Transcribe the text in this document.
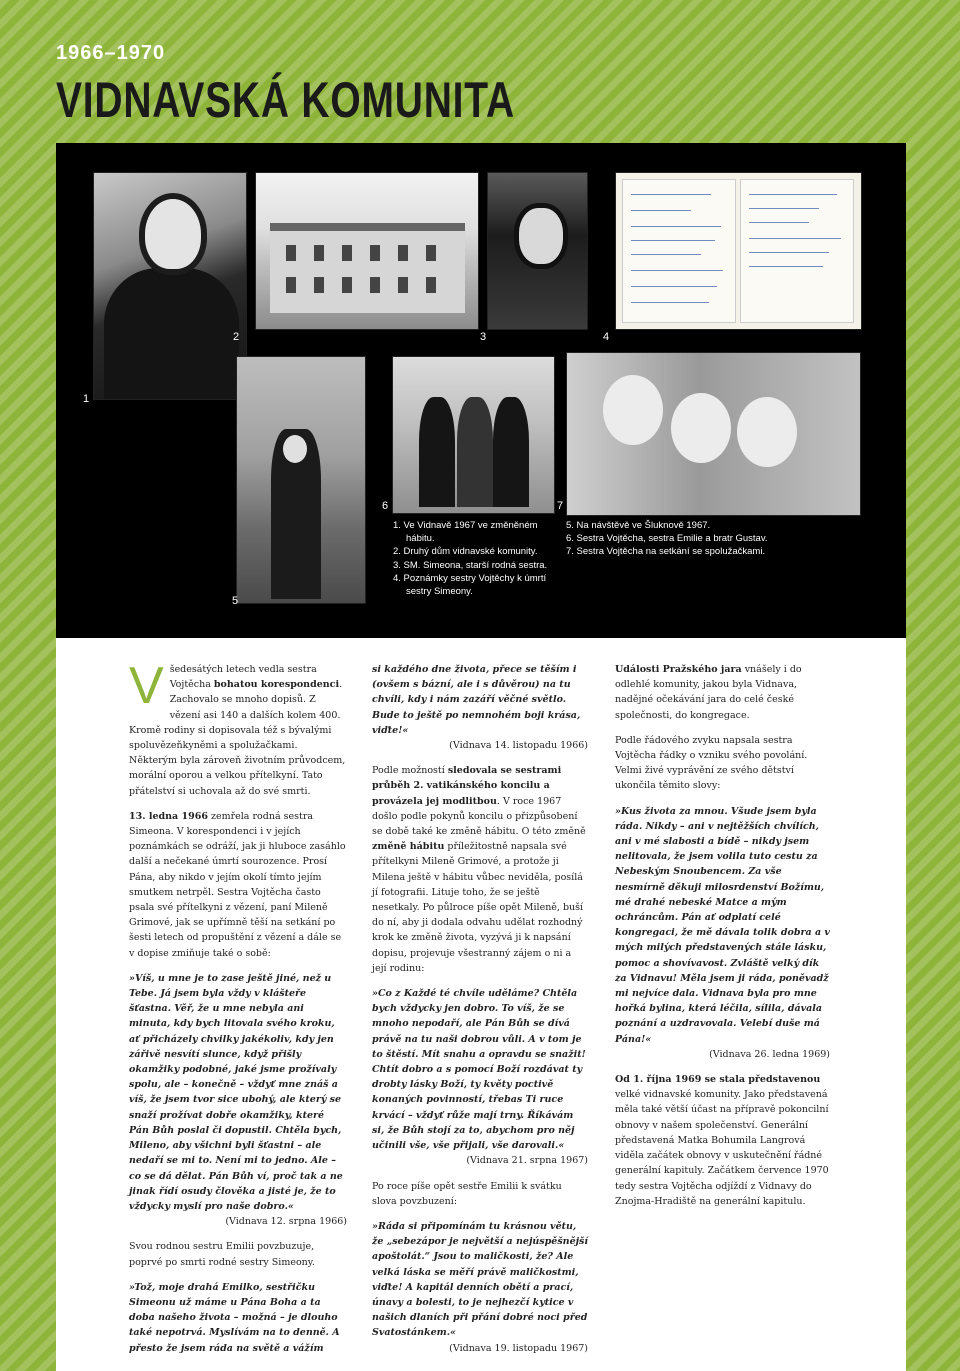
1966–1970
VIDNAVSKÁ KOMUNITA
1
2	3	4
5
6	7
1. Ve Vidnavě 1967 ve změněném
hábitu.
2. Druhý dům vidnavské komunity.
3. SM. Simeona, starší rodná sestra.
4. Poznámky sestry Vojtěchy k úmrtí
sestry Simeony.
5. Na návštěvě ve Šluknově 1967.
6. Sestra Vojtěcha, sestra Emilie a bratr Gustav.
7. Sestra Vojtěcha na setkání se spolužačkami.

Všedesátých letech vedla sestra Vojtěcha bohatou korespondenci. Zachovalo se mnoho dopisů. Z vězení asi 140 a dalších kolem 400. Kromě rodiny si dopisovala též s bývalými spoluvězeňkyněmi a spolužačkami. Některým byla zároveň životním průvodcem, morální oporou a velkou přítelkyní. Tato přátelství si uchovala až do své smrti.

13. ledna 1966 zemřela rodná sestra Simeona. V korespondenci i v jejích poznámkách se odráží, jak ji hluboce zasáhlo další a nečekané úmrtí sourozence. Prosí Pána, aby nikdo v jejím okolí tímto jejím smutkem netrpěl. Sestra Vojtěcha často psala své přítelkyni z vězení, paní Mileně Grimové, jak se upřímně těší na setkání po šesti letech od propuštění z vězení a dále se v dopise zmiňuje také o sobě:

»Víš, u mne je to zase ještě jiné, než u Tebe. Já jsem byla vždy v klášteře šťastna. Věř, že u mne nebyla ani minuta, kdy bych litovala svého kroku, ať přicházely chvilky jakékoliv, kdy jen zářivě nesvítí slunce, když přišly okamžiky podobné, jaké jsme prožívaly spolu, ale – konečně – vždyť mne znáš a víš, že jsem tvor sice ubohý, ale který se snaží prožívat dobře okamžiky, které Pán Bůh poslal či dopustil. Chtěla bych, Mileno, aby všichni byli šťastni – ale nedaří se mi to. Není mi to jedno. Ale – co se dá dělat. Pán Bůh ví, proč tak a ne jinak řídí osudy člověka a jisté je, že to vždycky myslí pro naše dobro.«

(Vidnava 12. srpna 1966)

Svou rodnou sestru Emilii povzbuzuje, poprvé po smrti rodné sestry Simeony.

»Tož, moje drahá Emilko, sestřičku Simeonu už máme u Pána Boha a ta doba našeho života – možná – je dlouho také nepotrvá. Myslívám na to denně. A přesto že jsem ráda na světě a vážím

si každého dne života, přece se těším i (ovšem s bázní, ale i s důvěrou) na tu chvíli, kdy i nám zazáří věčné světlo. Bude to ještě po nemnohém boji krása, viďte!«

(Vidnava 14. listopadu 1966)

Podle možností sledovala se sestrami průběh 2. vatikánského koncilu a provázela jej modlitbou. V roce 1967 došlo podle pokynů koncilu o přizpůsobení se době také ke změně hábitu. O této změně změně hábitu příležitostně napsala své přítelkyni Mileně Grimové, a protože ji Milena ještě v hábitu vůbec neviděla, posílá jí fotografii. Lituje toho, že se ještě nesetkaly. Po půlroce píše opět Mileně, buší do ní, aby ji dodala odvahu udělat rozhodný krok ke změně života, vyzývá ji k napsání dopisu, projevuje všestranný zájem o ni a její rodinu:

»Co z Každé té chvíle uděláme? Chtěla bych vždycky jen dobro. To víš, že se mnoho nepodaří, ale Pán Bůh se dívá právě na tu naši dobrou vůli. A v tom je to štěstí. Mít snahu a opravdu se snažit! Chtít dobro a s pomocí Boží rozdávat ty drobty lásky Boží, ty květy poctivě konaných povinností, třebas Ti ruce krvácí – vždyť růže mají trny. Říkávám si, že Bůh stojí za to, abychom pro něj učinili vše, vše přijali, vše darovali.«

(Vidnava 21. srpna 1967)

Po roce píše opět sestře Emilii k svátku slova povzbuzení:

»Ráda si připomínám tu krásnou větu, že „sebezápor je největší a nejúspěšnější apoštolát.“ Jsou to maličkosti, že? Ale velká láska se měří právě maličkostmi, viďte! A kapitál denních obětí a prací, únavy a bolesti, to je nejhezčí kytice v našich dlaních při přání dobré noci před Svatostánkem.«

(Vidnava 19. listopadu 1967)

Události Pražského jara vnášely i do odlehlé komunity, jakou byla Vidnava, nadějné očekávání jara do celé české společnosti, do kongregace.

Podle řádového zvyku napsala sestra Vojtěcha řádky o vzniku svého povolání. Velmi živé vyprávění ze svého dětství ukončila těmito slovy:

»Kus života za mnou. Všude jsem byla ráda. Nikdy – ani v nejtěžších chvílích, ani v mé slabosti a bídě – nikdy jsem nelitovala, že jsem volila tuto cestu za Nebeským Snoubencem. Za vše nesmírně děkuji milosrdenství Božímu, mé drahé nebeské Matce a mým ochráncům. Pán ať odplatí celé kongregaci, že mě dávala tolik dobra a v mých milých představených stále lásku, pomoc a shovívavost. Zvláště velký dík za Vidnavu! Měla jsem ji ráda, poněvadž mi nejvíce dala. Vidnava byla pro mne hořká bylina, která léčila, sílila, dávala poznání a uzdravovala. Velebí duše má Pána!«

(Vidnava 26. ledna 1969)

Od 1. října 1969 se stala představenou velké vidnavské komunity. Jako představená měla také větší účast na přípravě pokoncilní obnovy v našem společenství. Generální představená Matka Bohumila Langrová viděla začátek obnovy v uskutečnění řádné generální kapituly. Začátkem července 1970 tedy sestra Vojtěcha odjíždí z Vidnavy do Znojma-Hradiště na generální kapitulu.
